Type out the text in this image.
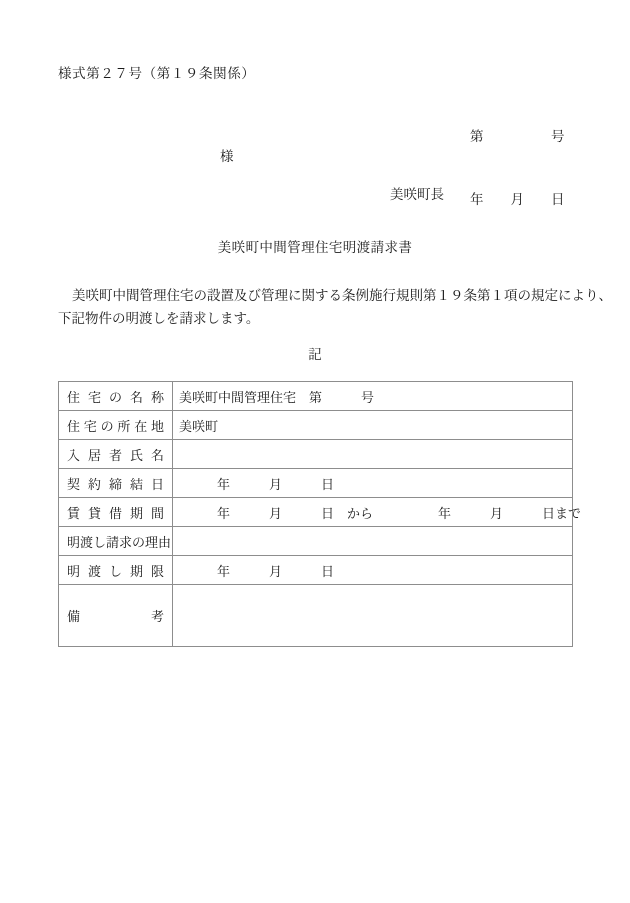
様式第２７号（第１９条関係）

第　　　　　号

年　　月　　日

様
美咲町長
美咲町中間管理住宅明渡請求書
美咲町中間管理住宅の設置及び管理に関する条例施行規則第１９条第１項の規定により、
下記物件の明渡しを請求します。
記
住 宅 の 名 称	美咲町中間管理住宅　第　　　号

住 宅 の 所 在 地	美咲町

入 居 者 氏 名	

契 約 締 結 日	年　　　月　　　日

賃 貸 借 期 間	年　　　月　　　日　から　　　　　年　　　月　　　日まで

明渡し請求の理由	

明 渡 し 期 限	年　　　月　　　日

備 考	
